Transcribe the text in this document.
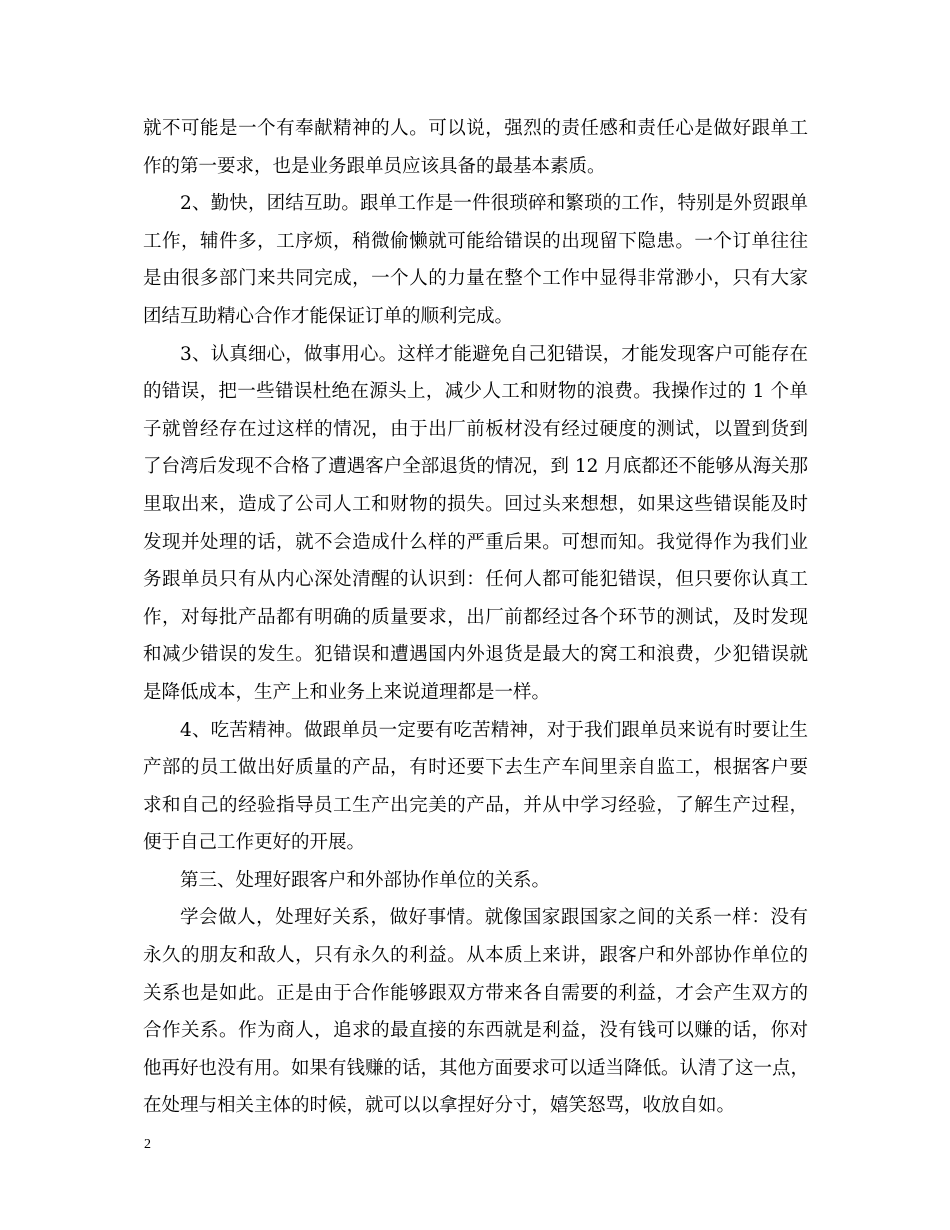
就不可能是一个有奉献精神的人。可以说，强烈的责任感和责任心是做好跟单工
作的第一要求，也是业务跟单员应该具备的最基本素质。
2、勤快，团结互助。跟单工作是一件很琐碎和繁琐的工作，特别是外贸跟单
工作，辅件多，工序烦，稍微偷懒就可能给错误的出现留下隐患。一个订单往往
是由很多部门来共同完成，一个人的力量在整个工作中显得非常渺小，只有大家
团结互助精心合作才能保证订单的顺利完成。
3、认真细心，做事用心。这样才能避免自己犯错误，才能发现客户可能存在
的错误，把一些错误杜绝在源头上，减少人工和财物的浪费。我操作过的 1 个单
子就曾经存在过这样的情况，由于出厂前板材没有经过硬度的测试，以置到货到
了台湾后发现不合格了遭遇客户全部退货的情况，到 12 月底都还不能够从海关那
里取出来，造成了公司人工和财物的损失。回过头来想想，如果这些错误能及时
发现并处理的话，就不会造成什么样的严重后果。可想而知。我觉得作为我们业
务跟单员只有从内心深处清醒的认识到：任何人都可能犯错误，但只要你认真工
作，对每批产品都有明确的质量要求，出厂前都经过各个环节的测试，及时发现
和减少错误的发生。犯错误和遭遇国内外退货是最大的窝工和浪费，少犯错误就
是降低成本，生产上和业务上来说道理都是一样。
4、吃苦精神。做跟单员一定要有吃苦精神，对于我们跟单员来说有时要让生
产部的员工做出好质量的产品，有时还要下去生产车间里亲自监工，根据客户要
求和自己的经验指导员工生产出完美的产品，并从中学习经验，了解生产过程，
便于自己工作更好的开展。
第三、处理好跟客户和外部协作单位的关系。
学会做人，处理好关系，做好事情。就像国家跟国家之间的关系一样：没有
永久的朋友和敌人，只有永久的利益。从本质上来讲，跟客户和外部协作单位的
关系也是如此。正是由于合作能够跟双方带来各自需要的利益，才会产生双方的
合作关系。作为商人，追求的最直接的东西就是利益，没有钱可以赚的话，你对
他再好也没有用。如果有钱赚的话，其他方面要求可以适当降低。认清了这一点，
在处理与相关主体的时候，就可以以拿捏好分寸，嬉笑怒骂，收放自如。
2
